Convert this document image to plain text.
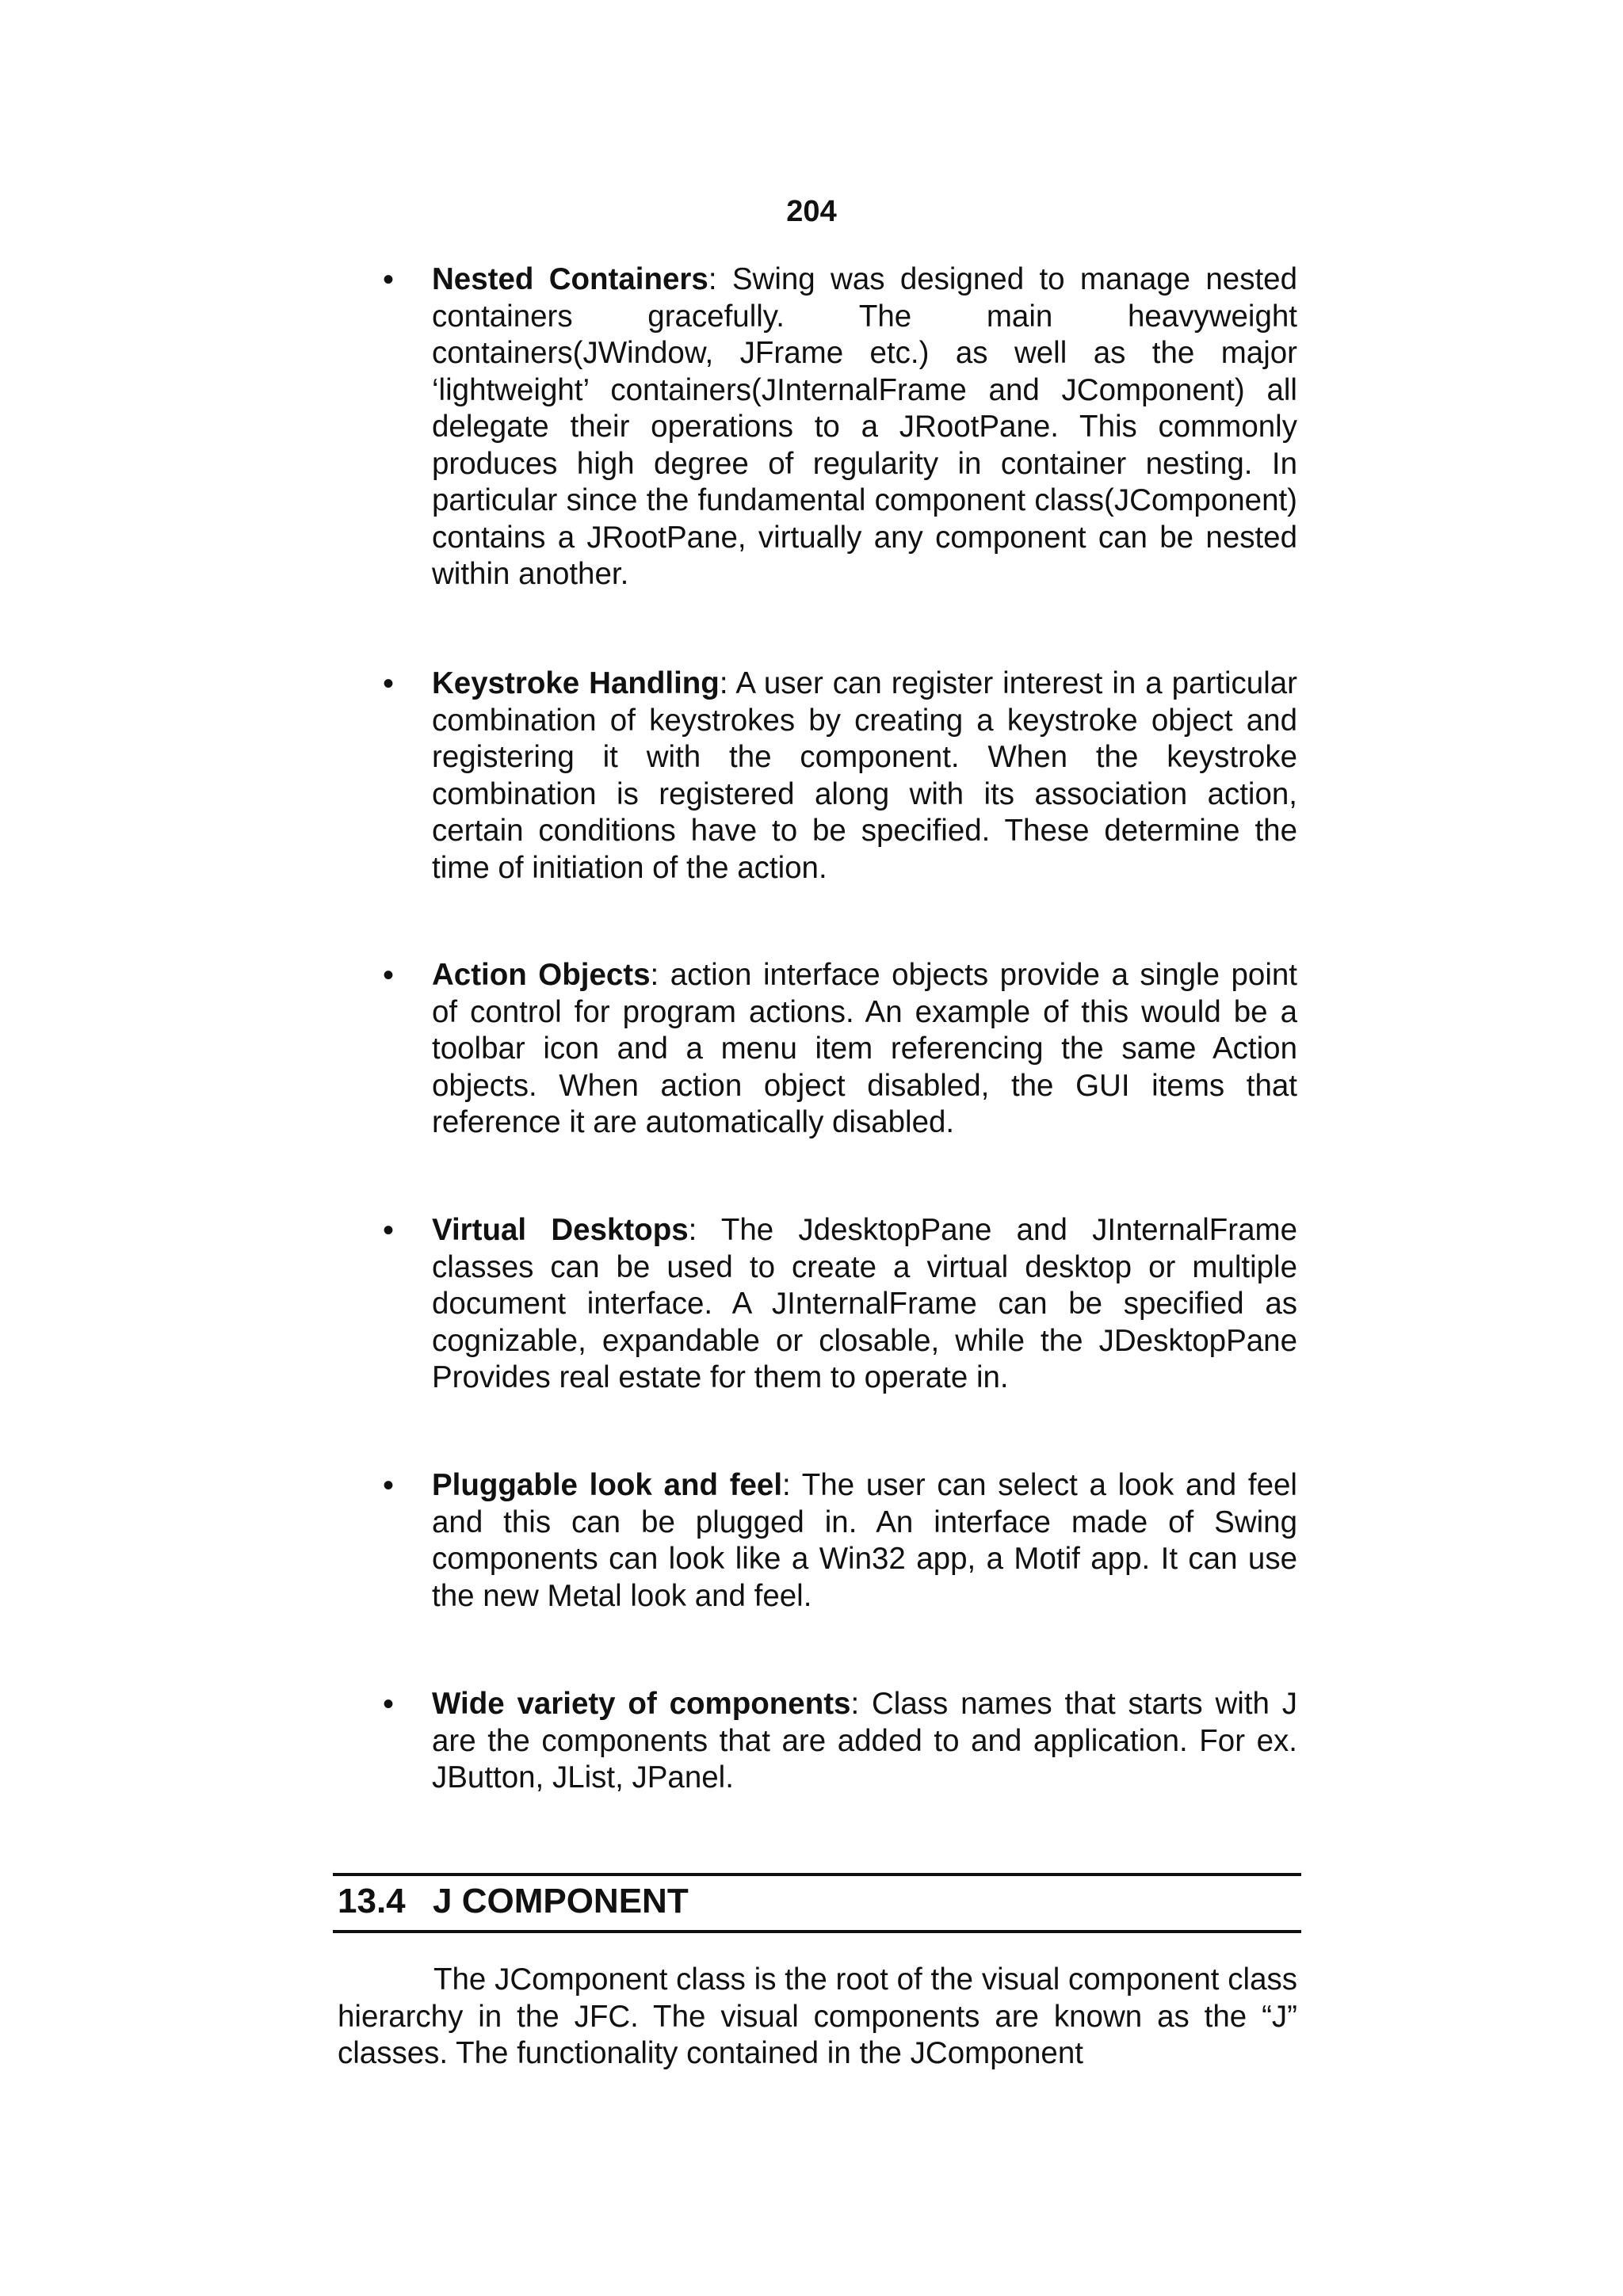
204
• Nested Containers: Swing was designed to manage nested containers gracefully. The main heavyweight containers(JWindow, JFrame etc.) as well as the major ‘lightweight’ containers(JInternalFrame and JComponent) all delegate their operations to a JRootPane. This commonly produces high degree of regularity in container nesting. In particular since the fundamental component class(JComponent) contains a JRootPane, virtually any component can be nested within another.

• Keystroke Handling: A user can register interest in a particular combination of keystrokes by creating a keystroke object and registering it with the component. When the keystroke combination is registered along with its association action, certain conditions have to be specified. These determine the time of initiation of the action.

• Action Objects: action interface objects provide a single point of control for program actions. An example of this would be a toolbar icon and a menu item referencing the same Action objects. When action object disabled, the GUI items that reference it are automatically disabled.

• Virtual Desktops: The JdesktopPane and JInternalFrame classes can be used to create a virtual desktop or multiple document interface. A JInternalFrame can be specified as cognizable, expandable or closable, while the JDesktopPane Provides real estate for them to operate in.

• Pluggable look and feel: The user can select a look and feel and this can be plugged in. An interface made of Swing components can look like a Win32 app, a Motif app. It can use the new Metal look and feel.

• Wide variety of components: Class names that starts with J are the components that are added to and application. For ex. JButton, JList, JPanel.

13.4 J COMPONENT

The JComponent class is the root of the visual component class hierarchy in the JFC. The visual components are known as the “J” classes. The functionality contained in the JComponent
